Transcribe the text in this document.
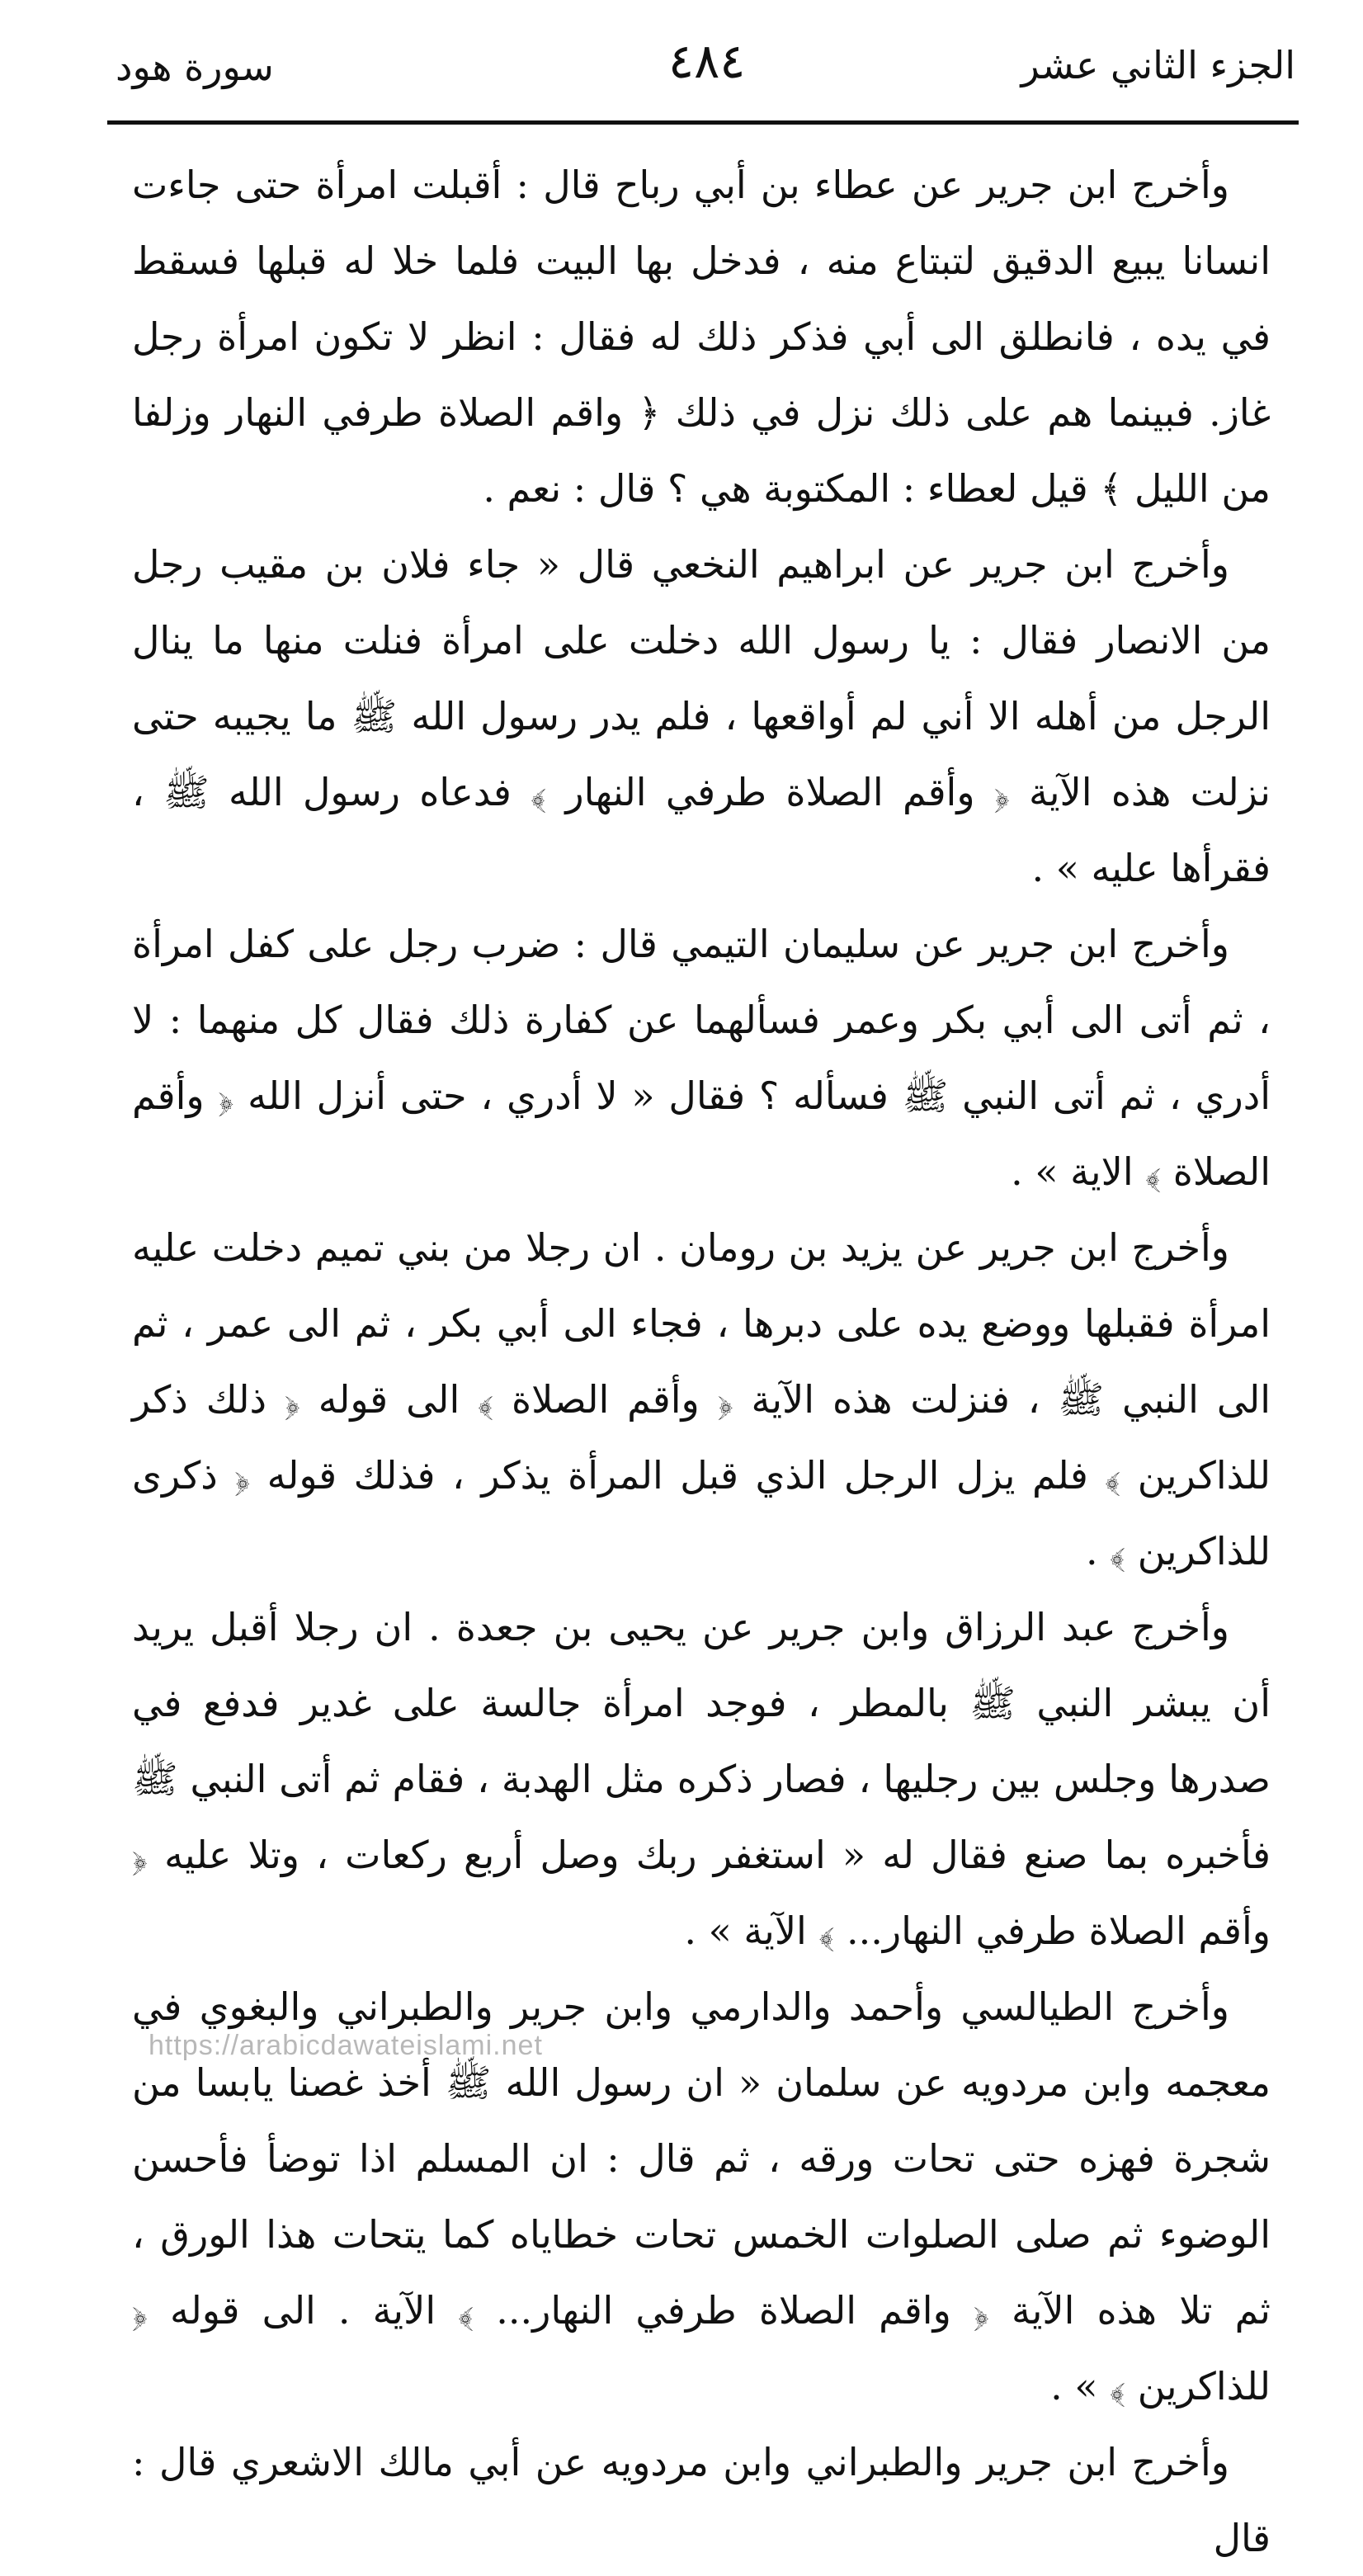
الجزء الثاني عشر
٤٨٤
سورة هود

وأخرج ابن جرير عن عطاء بن أبي رباح قال : أقبلت امرأة حتى جاءت انسانا يبيع الدقيق لتبتاع منه ، فدخل بها البيت فلما خلا له قبلها فسقط في يده ، فانطلق الى أبي فذكر ذلك له فقال : انظر لا تكون امرأة رجل غاز. فبينما هم على ذلك نزل في ذلك ﴿ واقم الصلاة طرفي النهار وزلفا من الليل ﴾ قيل لعطاء : المكتوبة هي ؟ قال : نعم .

وأخرج ابن جرير عن ابراهيم النخعي قال « جاء فلان بن مقيب رجل من الانصار فقال : يا رسول الله دخلت على امرأة فنلت منها ما ينال الرجل من أهله الا أني لم أواقعها ، فلم يدر رسول الله ﷺ ما يجيبه حتى نزلت هذه الآية ﴿ وأقم الصلاة طرفي النهار ﴾ فدعاه رسول الله ﷺ ، فقرأها عليه » .

وأخرج ابن جرير عن سليمان التيمي قال : ضرب رجل على كفل امرأة ، ثم أتى الى أبي بكر وعمر فسألهما عن كفارة ذلك فقال كل منهما : لا أدري ، ثم أتى النبي ﷺ فسأله ؟ فقال « لا أدري ، حتى أنزل الله ﴿ وأقم الصلاة ﴾ الاية » .

وأخرج ابن جرير عن يزيد بن رومان . ان رجلا من بني تميم دخلت عليه امرأة فقبلها ووضع يده على دبرها ، فجاء الى أبي بكر ، ثم الى عمر ، ثم الى النبي ﷺ ، فنزلت هذه الآية ﴿ وأقم الصلاة ﴾ الى قوله ﴿ ذلك ذكر للذاكرين ﴾ فلم يزل الرجل الذي قبل المرأة يذكر ، فذلك قوله ﴿ ذكرى للذاكرين ﴾ .

وأخرج عبد الرزاق وابن جرير عن يحيى بن جعدة . ان رجلا أقبل يريد أن يبشر النبي ﷺ بالمطر ، فوجد امرأة جالسة على غدير فدفع في صدرها وجلس بين رجليها ، فصار ذكره مثل الهدبة ، فقام ثم أتى النبي ﷺ فأخبره بما صنع فقال له « استغفر ربك وصل أربع ركعات ، وتلا عليه ﴿ وأقم الصلاة طرفي النهار... ﴾ الآية » .

وأخرج الطيالسي وأحمد والدارمي وابن جرير والطبراني والبغوي في معجمه وابن مردويه عن سلمان « ان رسول الله ﷺ أخذ غصنا يابسا من شجرة فهزه حتى تحات ورقه ، ثم قال : ان المسلم اذا توضأ فأحسن الوضوء ثم صلى الصلوات الخمس تحات خطاياه كما يتحات هذا الورق ، ثم تلا هذه الآية ﴿ واقم الصلاة طرفي النهار... ﴾ الآية . الى قوله ﴿ للذاكرين ﴾ » .

وأخرج ابن جرير والطبراني وابن مردويه عن أبي مالك الاشعري قال : قال

https://arabicdawateislami.net
